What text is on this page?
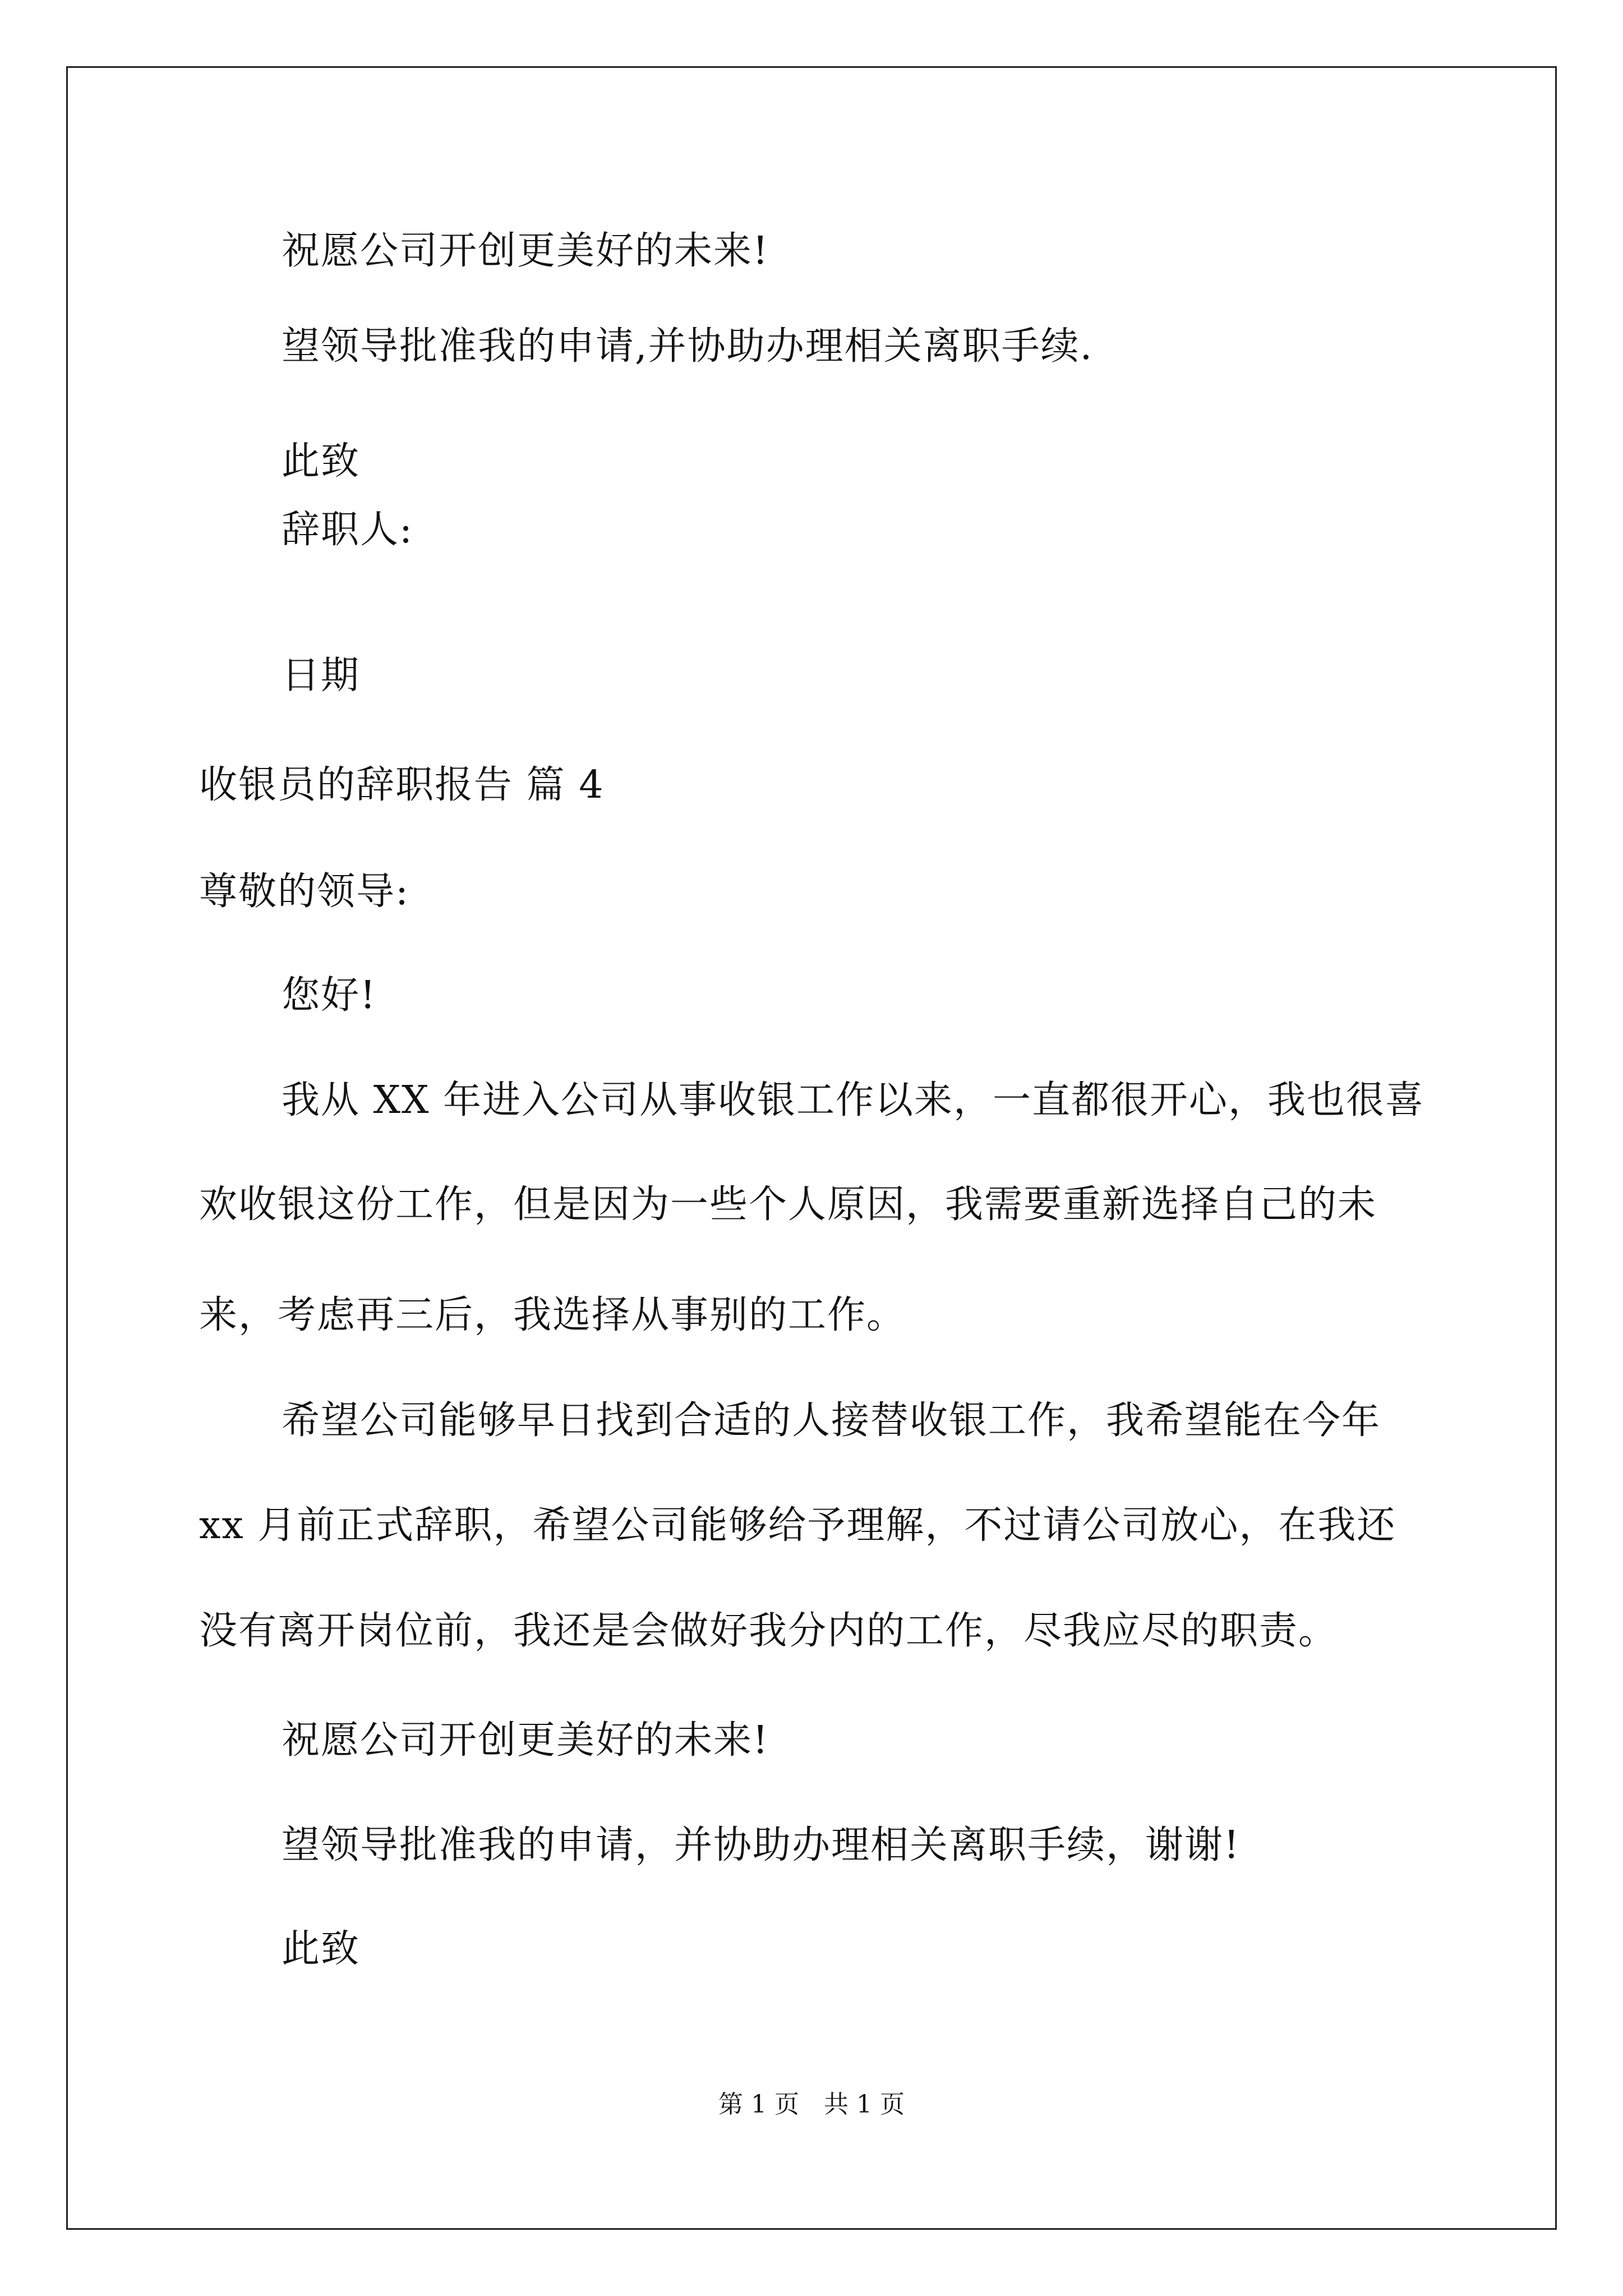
祝愿公司开创更美好的未来!
望领导批准我的申请,并协助办理相关离职手续.
此致
辞职人:
日期
收银员的辞职报告 篇 4
尊敬的领导:
您好!
我从 XX 年进入公司从事收银工作以来，一直都很开心，我也很喜
欢收银这份工作，但是因为一些个人原因，我需要重新选择自己的未
来，考虑再三后，我选择从事别的工作。
希望公司能够早日找到合适的人接替收银工作，我希望能在今年
xx 月前正式辞职，希望公司能够给予理解，不过请公司放心，在我还
没有离开岗位前，我还是会做好我分内的工作，尽我应尽的职责。
祝愿公司开创更美好的未来!
望领导批准我的申请，并协助办理相关离职手续，谢谢!
此致
第 1 页　共 1 页
